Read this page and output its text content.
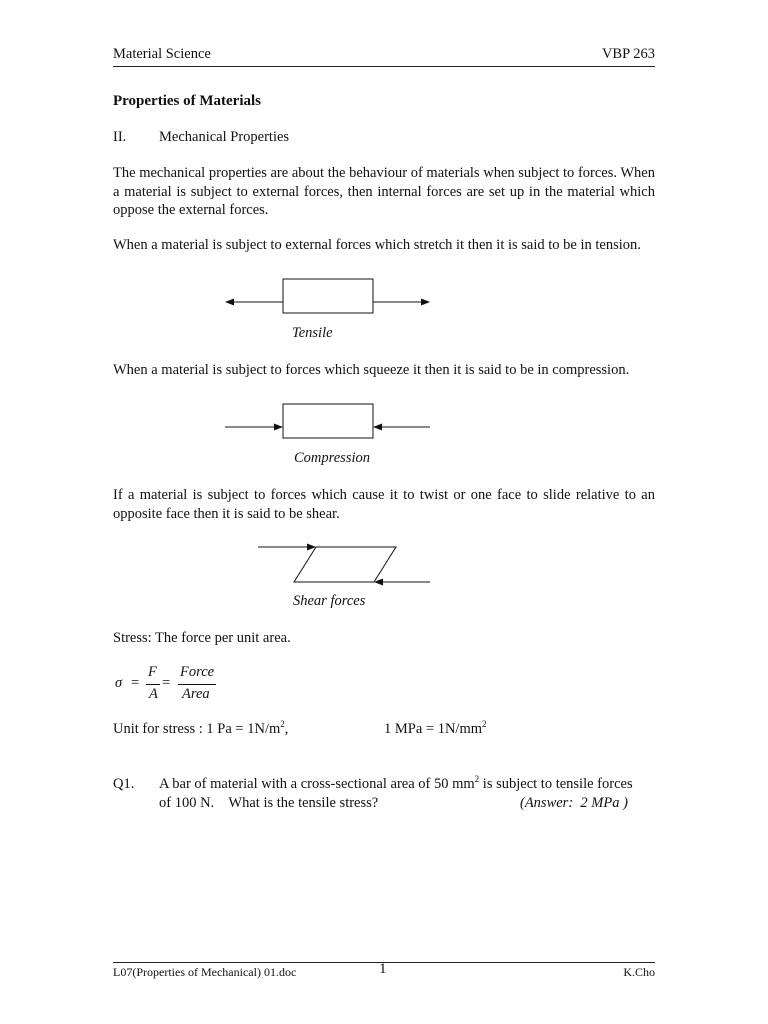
Material Science	VBP 263
Properties of Materials
II. Mechanical Properties
The mechanical properties are about the behaviour of materials when subject to forces. When a material is subject to external forces, then internal forces are set up in the material which oppose the external forces.
When a material is subject to external forces which stretch it then it is said to be in tension.
Tensile
When a material is subject to forces which squeeze it then it is said to be in compression.
Compression
If a material is subject to forces which cause it to twist or one face to slide relative to an opposite face then it is said to be shear.
Shear forces
Stress: The force per unit area.
σ =
F
A
=
Force
Area
Unit for stress : 1 $Pa = 1N/m^2$,	1 MPa = $1N/mm^2$
Q1. A bar of material with a cross-sectional area of 50 $mm^2$ is subject to tensile forces
of 100 N.    What is the tensile stress?	(Answer:  2 MPa )
L07(Properties of Mechanical) 01.doc	1	K.Cho
